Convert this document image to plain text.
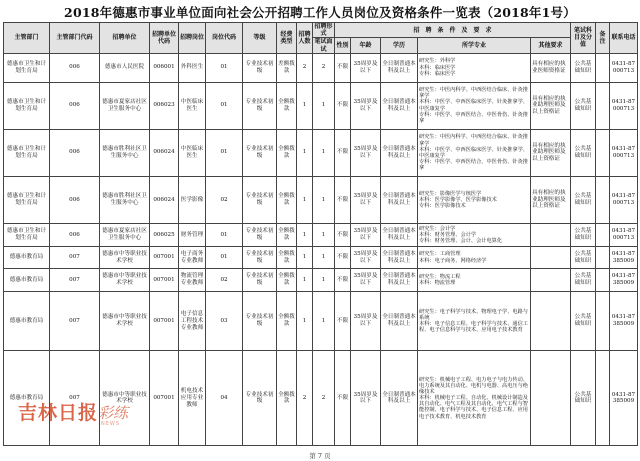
2018年德惠市事业单位面向社会公开招聘工作人员岗位及资格条件一览表（2018年1号）
主管部门	主管部门代码	招聘单位	招聘单位代码	招聘岗位	岗位代码	等级	经费类型	招聘人数	招聘形式	招　聘　条　件　及　要　求					笔试科目及分值	备注	联系电话
									笔试面试	性别	年龄	学历	所学专业	其他要求			
德惠市卫生和计划生育局	006	德惠市人民医院	006001	外科医生	01	专业技术初级	差额拨款	2	2	不限	35周岁及以下	全日制普通本科及以上	研究生：外科学
本科：临床医学
专科：临床医学	具有相应的执业医师资格证	公共基础知识		0431-87000713
德惠市卫生和计划生育局	006	德惠市夏家店社区卫生服务中心	006023	中医临床医生	01	专业技术初级	全额拨款	1	1	不限	35周岁及以下	全日制普通本科及以上	研究生：中医内科学、中西医结合临床、针灸推拿学
本科：中医学、中西医临床医学、针灸推拿学、中医康复学
专科：中医学、中西医结合、中医骨伤、针灸推拿	具有相应的执业助理医师及以上资格证	公共基础知识		0431-87000713
德惠市卫生和计划生育局	006	德惠市胜利社区卫生服务中心	006024	中医临床医生	01	专业技术初级	全额拨款	1	1	不限	35周岁及以下	全日制普通本科及以上	研究生：中医内科学、中西医结合临床、针灸推拿学
本科：中医学、中西医临床医学、针灸推拿学、中医康复学
专科：中医学、中西医结合、中医骨伤、针灸推拿	具有相应的执业助理医师及以上资格证	公共基础知识		0431-87000713
德惠市卫生和计划生育局	006	德惠市胜利社区卫生服务中心	006024	医学影像	02	专业技术初级	全额拨款	1	1	不限	35周岁及以下	全日制普通本科及以上	研究生：影像医学与核医学
本科：医学影像学、医学影像技术
专科：医学影像技术	具有相应的执业助理医师及以上资格证	公共基础知识		0431-87000713
德惠市卫生和计划生育局	006	德惠市夏家店社区卫生服务中心	006025	财务管理	01	专业技术初级	全额拨款	1	1	不限	35周岁及以下	全日制普通本科及以上	研究生：会计学
本科：财务管理、会计学
专科：财务管理、会计、会计电算化		公共基础知识		0431-87000713
德惠市教育局	007	德惠市中等职业技术学校	007001	电子商务专业教师	01	专业技术初级	全额拨款	1	1	不限	35周岁及以下	全日制普通本科及以上	研究生：工商管理
本科：电子商务、网络经济学		公共基础知识		0431-87385009
德惠市教育局	007	德惠市中等职业技术学校	007001	物流管理专业教师	02	专业技术初级	全额拨款	1	1	不限	35周岁及以下	全日制普通本科及以上	研究生：物流工程
本科：物流管理		公共基础知识		0431-87385009
德惠市教育局	007	德惠市中等职业技术学校	007001	电子信息工程技术专业教师	03	专业技术初级	全额拨款	1	1	不限	35周岁及以下	全日制普通本科及以上	研究生：电子科学与技术、物理电子学、电路与系统
本科：电子信息工程、电子科学与技术、通信工程、电子信息科学与技术、应用电子技术教育		公共基础知识		0431-87385009
德惠市教育局	007	德惠市中等职业技术学校	007001	机电技术应用专业教师	04	专业技术初级	全额拨款	2	2	不限	35周岁及以下	全日制普通本科及以上	研究生：机械电子工程、电力电子与电力传动、电力系统及其自动化、电机与电器、高电压与绝缘技术
本科：机械电子工程、自动化、机械设计制造及其自动化、电气工程及其自动化、电气工程与智能控制、电子科学与技术、电子信息工程、应用电子技术教育、机电技术教育		公共基础知识		0431-87385009
吉林日报 彩练
NEWS
第 7 页
